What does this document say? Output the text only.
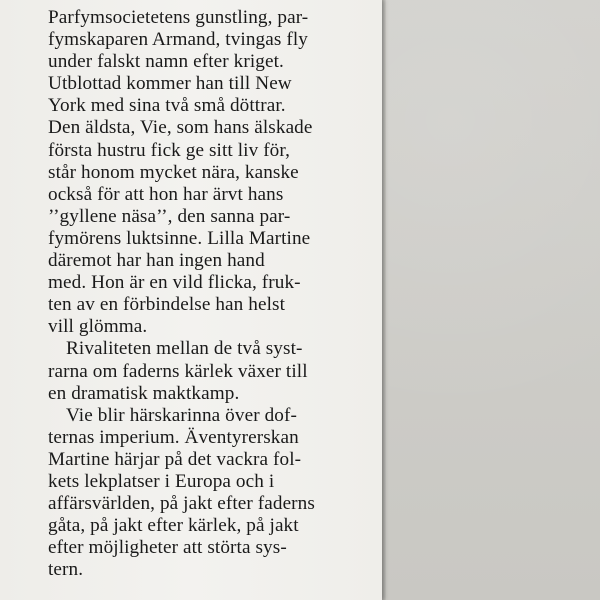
Parfymsocietetens gunstling, par-
fymskaparen Armand, tvingas fly
under falskt namn efter kriget.
Utblottad kommer han till New
York med sina två små döttrar.
Den äldsta, Vie, som hans älskade
första hustru fick ge sitt liv för,
står honom mycket nära, kanske
också för att hon har ärvt hans
’’gyllene näsa’’, den sanna par-
fymörens luktsinne. Lilla Martine
däremot har han ingen hand
med. Hon är en vild flicka, fruk-
ten av en förbindelse han helst
vill glömma.
Rivaliteten mellan de två syst-
rarna om faderns kärlek växer till
en dramatisk maktkamp.
Vie blir härskarinna över dof-
ternas imperium. Äventyrerskan
Martine härjar på det vackra fol-
kets lekplatser i Europa och i
affärsvärlden, på jakt efter faderns
gåta, på jakt efter kärlek, på jakt
efter möjligheter att störta sys-
tern.
